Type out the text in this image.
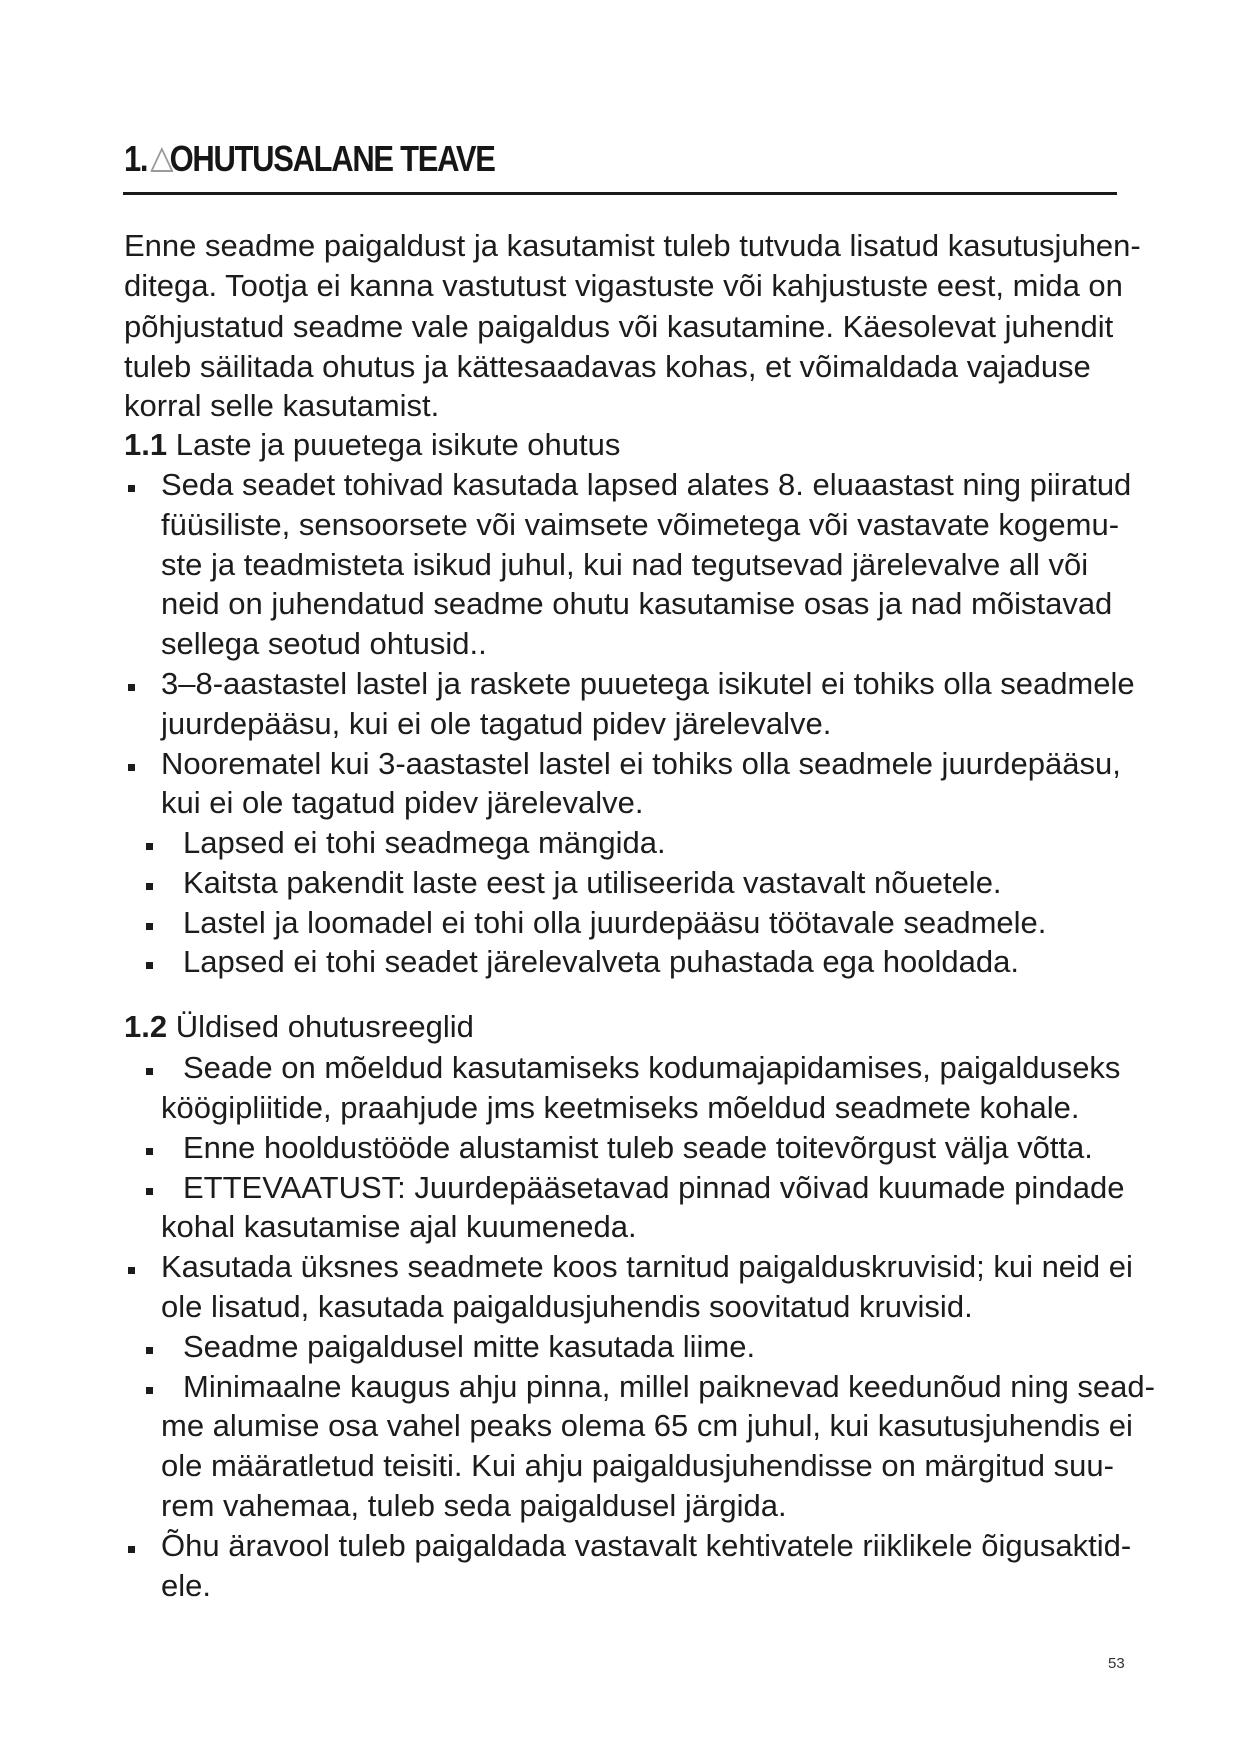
1. OHUTUSALANE TEAVE
Enne seadme paigaldust ja kasutamist tuleb tutvuda lisatud kasutusjuhen-
ditega. Tootja ei kanna vastutust vigastuste või kahjustuste eest, mida on
põhjustatud seadme vale paigaldus või kasutamine. Käesolevat juhendit
tuleb säilitada ohutus ja kättesaadavas kohas, et võimaldada vajaduse
korral selle kasutamist.
1.1 Laste ja puuetega isikute ohutus
Seda seadet tohivad kasutada lapsed alates 8. eluaastast ning piiratud
füüsiliste, sensoorsete või vaimsete võimetega või vastavate kogemu-
ste ja teadmisteta isikud juhul, kui nad tegutsevad järelevalve all või
neid on juhendatud seadme ohutu kasutamise osas ja nad mõistavad
sellega seotud ohtusid..
3–8-aastastel lastel ja raskete puuetega isikutel ei tohiks olla seadmele
juurdepääsu, kui ei ole tagatud pidev järelevalve.
Noorematel kui 3-aastastel lastel ei tohiks olla seadmele juurdepääsu,
kui ei ole tagatud pidev järelevalve.
Lapsed ei tohi seadmega mängida.
Kaitsta pakendit laste eest ja utiliseerida vastavalt nõuetele.
Lastel ja loomadel ei tohi olla juurdepääsu töötavale seadmele.
Lapsed ei tohi seadet järelevalveta puhastada ega hooldada.
1.2 Üldised ohutusreeglid
Seade on mõeldud kasutamiseks kodumajapidamises, paigalduseks
köögipliitide, praahjude jms keetmiseks mõeldud seadmete kohale.
Enne hooldustööde alustamist tuleb seade toitevõrgust välja võtta.
ETTEVAATUST: Juurdepääsetavad pinnad võivad kuumade pindade
kohal kasutamise ajal kuumeneda.
Kasutada üksnes seadmete koos tarnitud paigalduskruvisid; kui neid ei
ole lisatud, kasutada paigaldusjuhendis soovitatud kruvisid.
Seadme paigaldusel mitte kasutada liime.
Minimaalne kaugus ahju pinna, millel paiknevad keedunõud ning sead-
me alumise osa vahel peaks olema 65 cm juhul, kui kasutusjuhendis ei
ole määratletud teisiti. Kui ahju paigaldusjuhendisse on märgitud suu-
rem vahemaa, tuleb seda paigaldusel järgida.
Õhu äravool tuleb paigaldada vastavalt kehtivatele riiklikele õigusaktid-
ele.
53
